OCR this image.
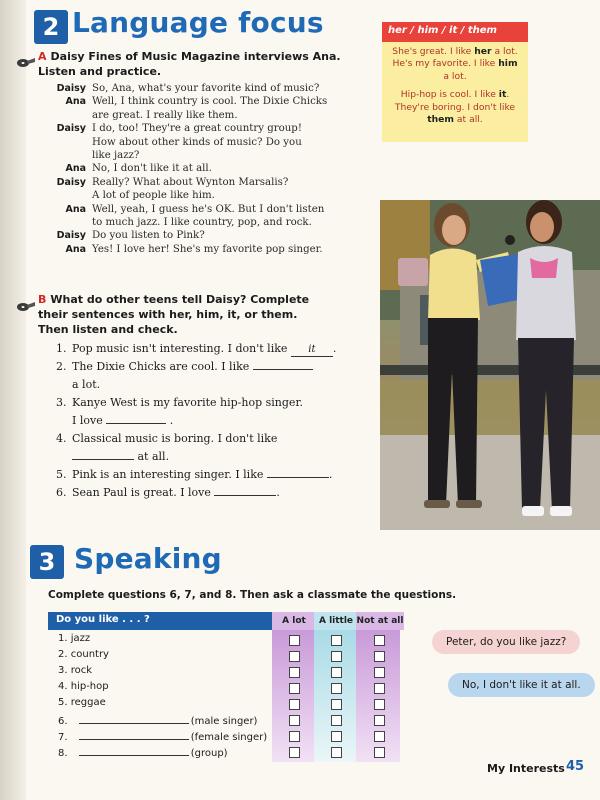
2 Language focus
A Daisy Fines of Music Magazine interviews Ana.
Listen and practice.
Daisy So, Ana, what's your favorite kind of music?
Ana Well, I think country is cool. The Dixie Chicks
are great. I really like them.
Daisy I do, too! They're a great country group!
How about other kinds of music? Do you
like jazz?
Ana No, I don't like it at all.
Daisy Really? What about Wynton Marsalis?
A lot of people like him.
Ana Well, yeah, I guess he's OK. But I don't listen
to much jazz. I like country, pop, and rock.
Daisy Do you listen to Pink?
Ana Yes! I love her! She's my favorite pop singer.
her / him / it / them
She's great. I like her a lot.
He's my favorite. I like him
a lot.
Hip-hop is cool. I like it.
They're boring. I don't like
them at all.
B What do other teens tell Daisy? Complete
their sentences with her, him, it, or them.
Then listen and check.
1. Pop music isn't interesting. I don't like it .
2. The Dixie Chicks are cool. I like
a lot.
3. Kanye West is my favorite hip-hop singer.
I love	.
4. Classical music is boring. I don't like
at all.
5. Pink is an interesting singer. I like	.
6. Sean Paul is great. I love	.
3 Speaking
Complete questions 6, 7, and 8. Then ask a classmate the questions.
Do you like . . . ?	A lot	A little Not at all
1. jazz
2. country
3. rock
4. hip-hop
5. reggae
6.	(male singer)
7.	(female singer)
8.	(group)
Peter, do you like jazz?
No, I don't like it at all.
My Interests 45
